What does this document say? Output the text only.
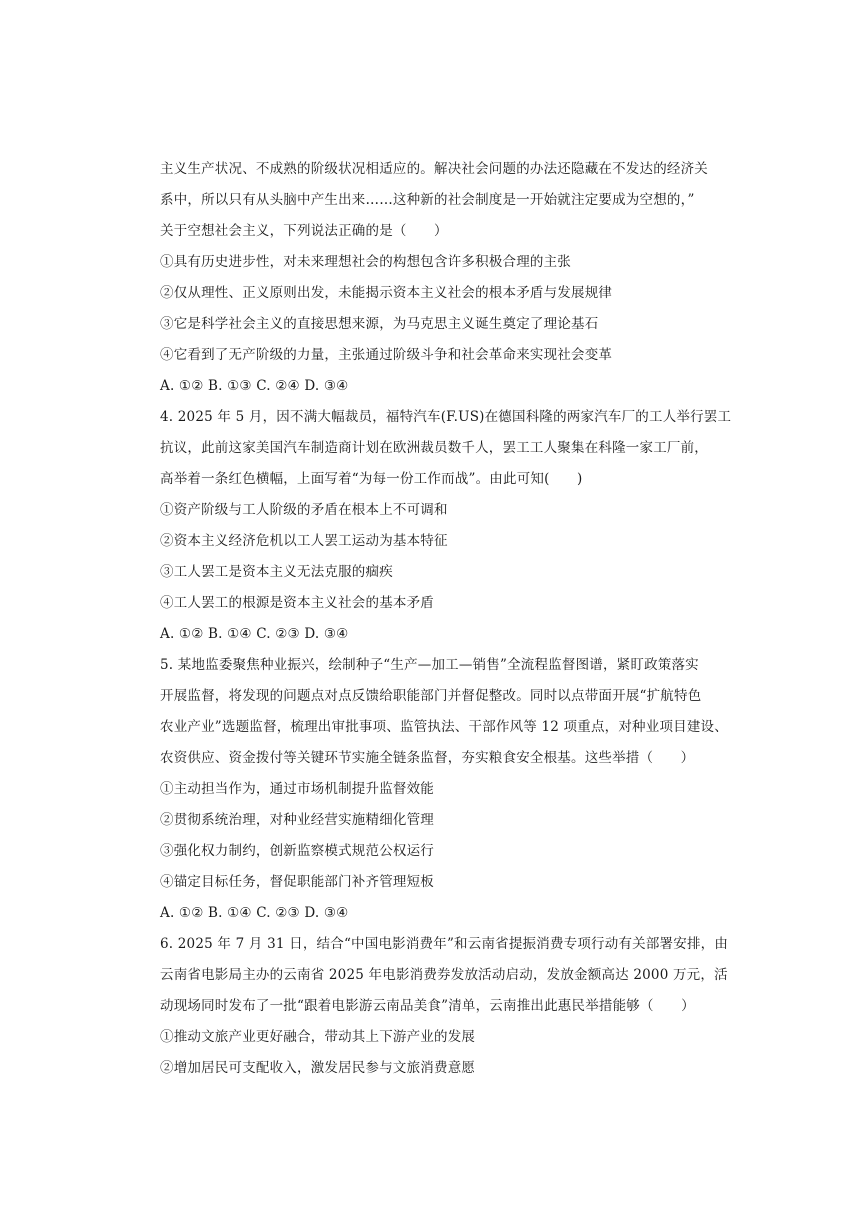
主义生产状况、不成熟的阶级状况相适应的。解决社会问题的办法还隐藏在不发达的经济关
系中，所以只有从头脑中产生出来……这种新的社会制度是一开始就注定要成为空想的，”
关于空想社会主义，下列说法正确的是（　　）
①具有历史进步性，对未来理想社会的构想包含许多积极合理的主张
②仅从理性、正义原则出发，未能揭示资本主义社会的根本矛盾与发展规律
③它是科学社会主义的直接思想来源，为马克思主义诞生奠定了理论基石
④它看到了无产阶级的力量，主张通过阶级斗争和社会革命来实现社会变革
A. ①② B. ①③ C. ②④ D. ③④
4. 2025 年 5 月，因不满大幅裁员，福特汽车(F.US)在德国科隆的两家汽车厂的工人举行罢工
抗议，此前这家美国汽车制造商计划在欧洲裁员数千人，罢工工人聚集在科隆一家工厂前，
高举着一条红色横幅，上面写着“为每一份工作而战”。由此可知(　　)
①资产阶级与工人阶级的矛盾在根本上不可调和
②资本主义经济危机以工人罢工运动为基本特征
③工人罢工是资本主义无法克服的痼疾
④工人罢工的根源是资本主义社会的基本矛盾
A. ①② B. ①④ C. ②③ D. ③④
5. 某地监委聚焦种业振兴，绘制种子“生产—加工—销售”全流程监督图谱，紧盯政策落实
开展监督，将发现的问题点对点反馈给职能部门并督促整改。同时以点带面开展“扩航特色
农业产业”选题监督，梳理出审批事项、监管执法、干部作风等 12 项重点，对种业项目建设、
农资供应、资金拨付等关键环节实施全链条监督，夯实粮食安全根基。这些举措（　　）
①主动担当作为，通过市场机制提升监督效能
②贯彻系统治理，对种业经营实施精细化管理
③强化权力制约，创新监察模式规范公权运行
④锚定目标任务，督促职能部门补齐管理短板
A. ①② B. ①④ C. ②③ D. ③④
6. 2025 年 7 月 31 日，结合“中国电影消费年”和云南省提振消费专项行动有关部署安排，由
云南省电影局主办的云南省 2025 年电影消费券发放活动启动，发放金额高达 2000 万元，活
动现场同时发布了一批“跟着电影游云南品美食”清单，云南推出此惠民举措能够（　　）
①推动文旅产业更好融合，带动其上下游产业的发展
②增加居民可支配收入，激发居民参与文旅消费意愿
